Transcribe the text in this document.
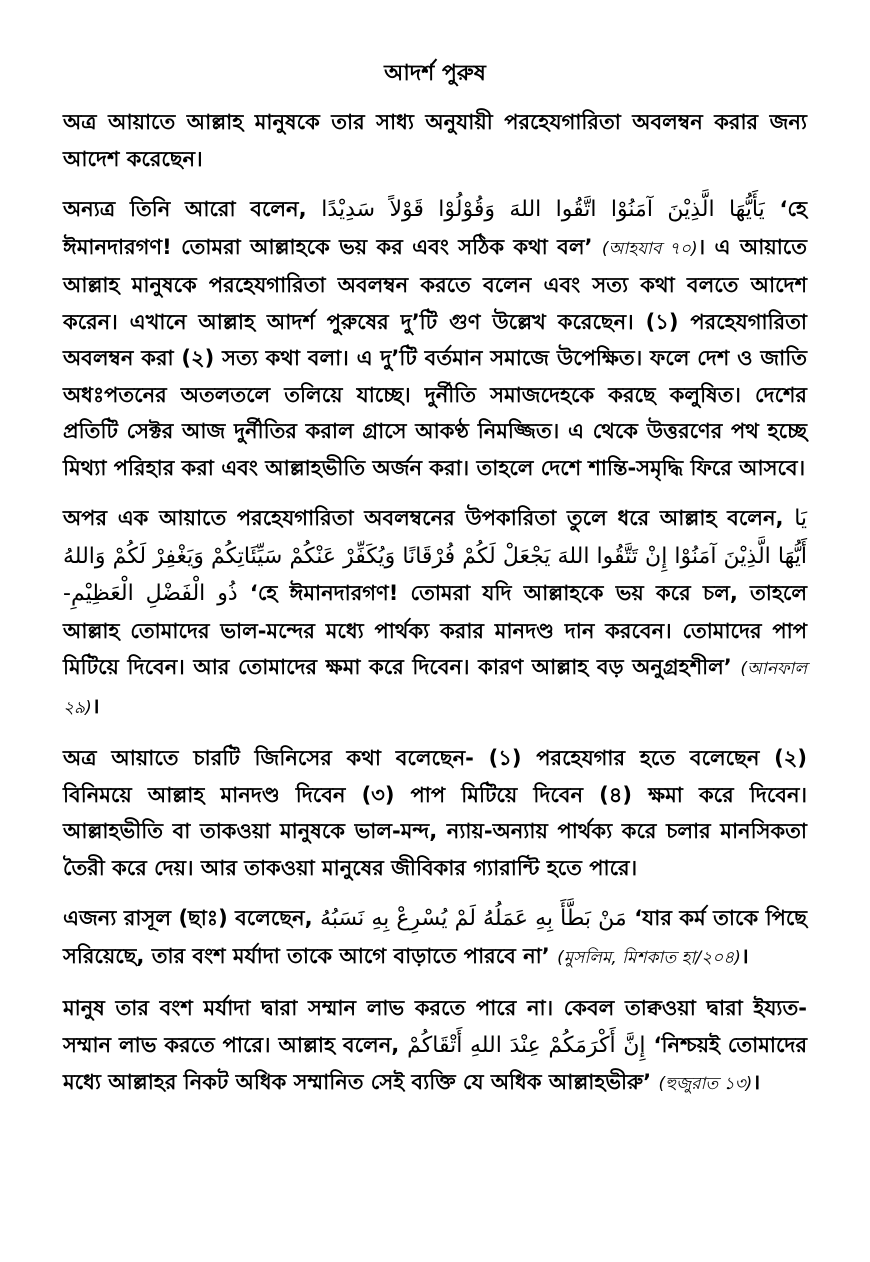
আদর্শ পুরুষ

অত্র আয়াতে আল্লাহ মানুষকে তার সাধ্য অনুযায়ী পরহেযগারিতা অবলম্বন করার জন্য আদেশ করেছেন।

অন্যত্র তিনি আরো বলেন, يَأَيُّهَا الَّذِيْنَ آمَنُوْا اتَّقُوا اللهَ وَقُوْلُوْا قَوْلاً سَدِيْدًا ‘হে ঈমানদারগণ! তোমরা আল্লাহকে ভয় কর এবং সঠিক কথা বল’ (আহযাব ৭০)। এ আয়াতে আল্লাহ মানুষকে পরহেযগারিতা অবলম্বন করতে বলেন এবং সত্য কথা বলতে আদেশ করেন। এখানে আল্লাহ আদর্শ পুরুষের দু’টি গুণ উল্লেখ করেছেন। (১) পরহেযগারিতা অবলম্বন করা (২) সত্য কথা বলা। এ দু’টি বর্তমান সমাজে উপেক্ষিত। ফলে দেশ ও জাতি অধঃপতনের অতলতলে তলিয়ে যাচ্ছে। দুর্নীতি সমাজদেহকে করছে কলুষিত। দেশের প্রতিটি সেক্টর আজ দুর্নীতির করাল গ্রাসে আকণ্ঠ নিমজ্জিত। এ থেকে উত্তরণের পথ হচ্ছে মিথ্যা পরিহার করা এবং আল্লাহভীতি অর্জন করা। তাহলে দেশে শান্তি-সমৃদ্ধি ফিরে আসবে।

অপর এক আয়াতে পরহেযগারিতা অবলম্বনের উপকারিতা তুলে ধরে আল্লাহ বলেন, يَا أَيُّهَا الَّذِيْنَ آمَنُوْا إِنْ تَتَّقُوا اللهَ يَجْعَلْ لَكُمْ فُرْقَانًا وَيُكَفِّرْ عَنْكُمْ سَيِّئَاتِكُمْ وَيَغْفِرْ لَكُمْ وَاللهُ ذُو الْفَضْلِ الْعَظِيْمِ- ‘হে ঈমানদারগণ! তোমরা যদি আল্লাহকে ভয় করে চল, তাহলে আল্লাহ তোমাদের ভাল-মন্দের মধ্যে পার্থক্য করার মানদণ্ড দান করবেন। তোমাদের পাপ মিটিয়ে দিবেন। আর তোমাদের ক্ষমা করে দিবেন। কারণ আল্লাহ বড় অনুগ্রহশীল’ (আনফাল ২৯)।

অত্র আয়াতে চারটি জিনিসের কথা বলেছেন- (১) পরহেযগার হতে বলেছেন (২) বিনিময়ে আল্লাহ মানদণ্ড দিবেন (৩) পাপ মিটিয়ে দিবেন (৪) ক্ষমা করে দিবেন। আল্লাহভীতি বা তাকওয়া মানুষকে ভাল-মন্দ, ন্যায়-অন্যায় পার্থক্য করে চলার মানসিকতা তৈরী করে দেয়। আর তাকওয়া মানুষের জীবিকার গ্যারান্টি হতে পারে।

এজন্য রাসূল (ছাঃ) বলেছেন, مَنْ بَطَّأَ بِهِ عَمَلُهُ لَمْ يُسْرِعْ بِهِ نَسَبُهُ ‘যার কর্ম তাকে পিছে সরিয়েছে, তার বংশ মর্যাদা তাকে আগে বাড়াতে পারবে না’ (মুসলিম, মিশকাত হা/২০৪)।

মানুষ তার বংশ মর্যাদা দ্বারা সম্মান লাভ করতে পারে না। কেবল তাক্বওয়া দ্বারা ইয্যত-সম্মান লাভ করতে পারে। আল্লাহ বলেন, إِنَّ أَكْرَمَكُمْ عِنْدَ اللهِ أَتْقَاكُمْ ‘নিশ্চয়ই তোমাদের মধ্যে আল্লাহর নিকট অধিক সম্মানিত সেই ব্যক্তি যে অধিক আল্লাহভীরু’ (হুজুরাত ১৩)।
